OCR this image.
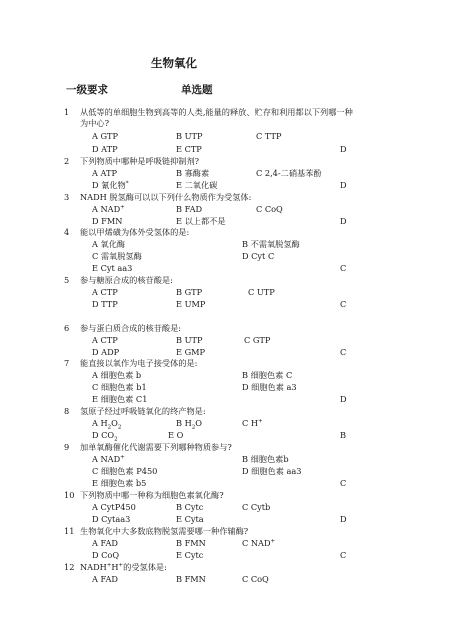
生物氧化
一级要求	单选题
1 从低等的单细胞生物到高等的人类,能量的释放、贮存和利用都以下列哪一种
为中心?
A GTP	B UTP	C TTP
D ATP	E CTP	D
2 下列物质中哪种是呼吸链抑制剂?
A ATP	B 寡酶素	C 2,4-二硝基苯酚
D 氰化物*	E 二氧化碳	D
3 NADH 脱氢酶可以以下列什么物质作为受氢体:
A NAD+	B FAD	C CoQ
D FMN	E 以上都不是	D
4 能以甲烯磺为体外受氢体的是:
A 氧化酶	B 不需氧脱氢酶
C 需氧脱氢酶	D Cyt C
E Cyt aa3	C
5 参与糖原合成的核苷酸是:
A CTP	B GTP	C UTP
D TTP	E UMP	C
6 参与蛋白质合成的核苷酸是:
A CTP	B UTP	C GTP
D ADP	E GMP	C
7 能直接以氧作为电子接受体的是:
A 细胞色素 b	B 细胞色素 C
C 细胞色素 b1	D 细胞色素 a3
E 细胞色素 C1	D
8 氢原子经过呼吸链氧化的终产物是:
A $H_2O_2$	B $H_2O$	C H+
D $CO_2$	E O	B
9 加单氧酶催化代谢需要下列哪种物质参与?
A NAD+	B 细胞色素b
C 细胞色素 P450	D 细胞色素 aa3
E 细胞色素 b5	C
10 下列物质中哪一种称为细胞色素氧化酶?
A CytP450	B Cytc	C Cytb
D Cytaa3	E Cyta	D
11 生物氧化中大多数底物脱氢需要哪一种作辅酶?
A FAD	B FMN	C NAD+
D CoQ	E Cytc	C
12 NADH+H+的受氢体是:
A FAD	B FMN	C CoQ
